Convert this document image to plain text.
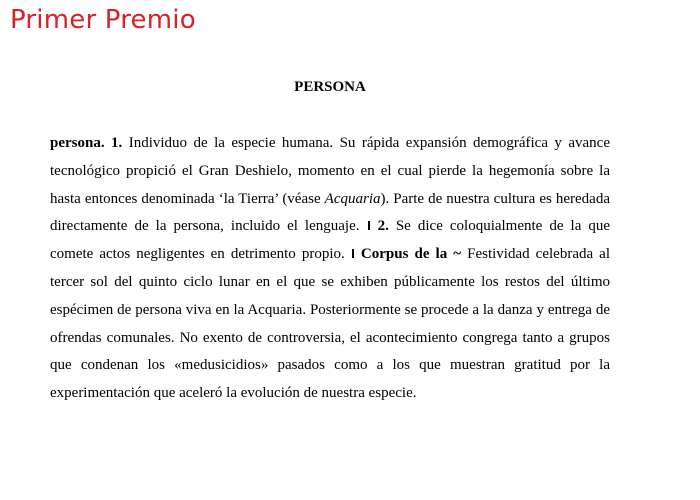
Primer Premio
PERSONA

persona. 1. Individuo de la especie humana. Su rápida expansión demográfica y avance tecnológico propició el Gran Deshielo, momento en el cual pierde la hegemonía sobre la hasta entonces denominada ‘la Tierra’ (véase Acquaria). Parte de nuestra cultura es heredada directamente de la persona, incluido el lenguaje. 2. Se dice coloquialmente de la que comete actos negligentes en detrimento propio. Corpus de la ~ Festividad celebrada al tercer sol del quinto ciclo lunar en el que se exhiben públicamente los restos del último espécimen de persona viva en la Acquaria. Posteriormente se procede a la danza y entrega de ofrendas comunales. No exento de controversia, el acontecimiento congrega tanto a grupos que condenan los «medusicidios» pasados como a los que muestran gratitud por la experimentación que aceleró la evolución de nuestra especie.
